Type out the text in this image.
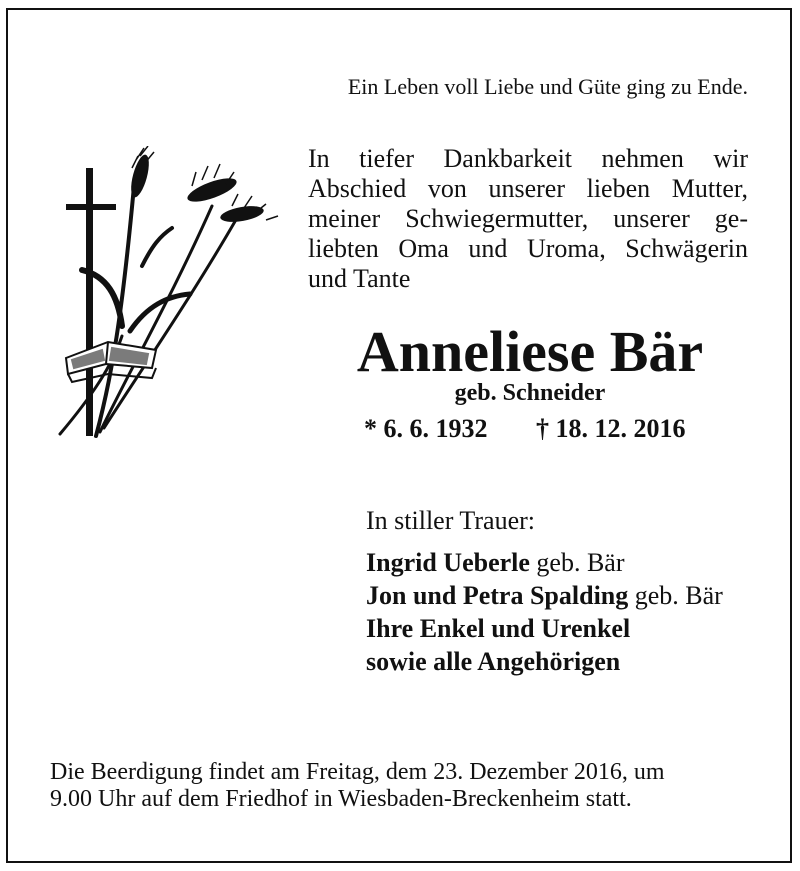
Ein Leben voll Liebe und Güte ging zu Ende.
In tiefer Dankbarkeit nehmen wir
Abschied von unserer lieben Mutter,
meiner Schwiegermutter, unserer ge-
liebten Oma und Uroma, Schwägerin
und Tante
Anneliese Bär
geb. Schneider
* 6. 6. 1932 † 18. 12. 2016
In stiller Trauer:
Ingrid Ueberle geb. Bär
Jon und Petra Spalding geb. Bär
Ihre Enkel und Urenkel
sowie alle Angehörigen
Die Beerdigung findet am Freitag, dem 23. Dezember 2016, um
9.00 Uhr auf dem Friedhof in Wiesbaden-Breckenheim statt.
